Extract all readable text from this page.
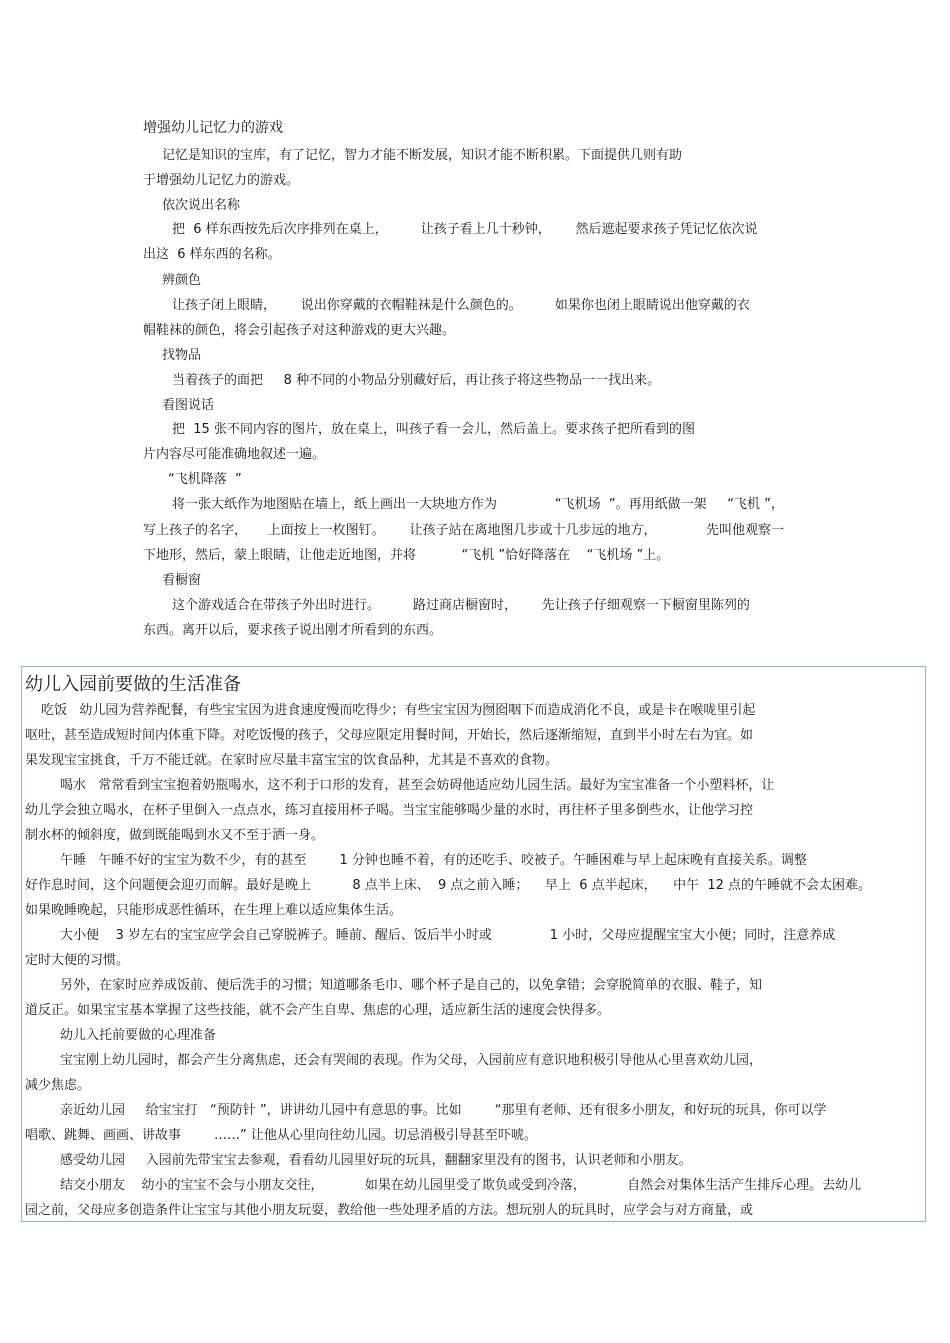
增强幼儿记忆力的游戏
记忆是知识的宝库，有了记忆，智力才能不断发展，知识才能不断积累。下面提供几则有助
于增强幼儿记忆力的游戏。
依次说出名称
把  6 样东西按先后次序排列在桌上，        让孩子看上几十秒钟，      然后遮起要求孩子凭记忆依次说
出这  6 样东西的名称。
辨颜色
让孩子闭上眼睛，      说出你穿戴的衣帽鞋袜是什么颜色的。        如果你也闭上眼睛说出他穿戴的衣
帽鞋袜的颜色，将会引起孩子对这种游戏的更大兴趣。
找物品
当着孩子的面把     8 种不同的小物品分别藏好后，再让孩子将这些物品一一找出来。
看图说话
把  15 张不同内容的图片，放在桌上，叫孩子看一会儿，然后盖上。要求孩子把所看到的图
片内容尽可能准确地叙述一遍。
“飞机降落  ”
将一张大纸作为地图贴在墙上，纸上画出一大块地方作为              “飞机场  ”。再用纸做一架     “飞机 ”，
写上孩子的名字，     上面按上一枚图钉。      让孩子站在离地图几步或十几步远的地方，            先叫他观察一
下地形，然后，蒙上眼睛，让他走近地图，并将           “飞机 ”恰好降落在    “飞机场 ”上。
看橱窗
这个游戏适合在带孩子外出时进行。        路过商店橱窗时，      先让孩子仔细观察一下橱窗里陈列的
东西。离开以后，要求孩子说出刚才所看到的东西。
幼儿入园前要做的生活准备
吃饭   幼儿园为营养配餐，有些宝宝因为进食速度慢而吃得少；有些宝宝因为囫囵咽下而造成消化不良，或是卡在喉咙里引起
呕吐，甚至造成短时间内体重下降。对吃饭慢的孩子，父母应限定用餐时间，开始长，然后逐渐缩短，直到半小时左右为宜。如
果发现宝宝挑食，千万不能迁就。在家时应尽量丰富宝宝的饮食品种，尤其是不喜欢的食物。
喝水   常常看到宝宝抱着奶瓶喝水，这不利于口形的发育，甚至会妨碍他适应幼儿园生活。最好为宝宝准备一个小塑料杯，让
幼儿学会独立喝水，在杯子里倒入一点点水，练习直接用杯子喝。当宝宝能够喝少量的水时，再往杯子里多倒些水，让他学习控
制水杯的倾斜度，做到既能喝到水又不至于洒一身。
午睡   午睡不好的宝宝为数不少，有的甚至        1 分钟也睡不着，有的还吃手、咬被子。午睡困难与早上起床晚有直接关系。调整
好作息时间，这个问题便会迎刃而解。最好是晚上          8 点半上床、  9 点之前入睡；    早上  6 点半起床，    中午  12 点的午睡就不会太困难。
如果晚睡晚起，只能形成恶性循环，在生理上难以适应集体生活。
大小便    3 岁左右的宝宝应学会自己穿脱裤子。睡前、醒后、饭后半小时或              1 小时，父母应提醒宝宝大小便；同时，注意养成
定时大便的习惯。
另外，在家时应养成饭前、便后洗手的习惯；知道哪条毛巾、哪个杯子是自己的，以免拿错；会穿脱简单的衣服、鞋子，知
道反正。如果宝宝基本掌握了这些技能，就不会产生自卑、焦虑的心理，适应新生活的速度会快得多。
幼儿入托前要做的心理准备
宝宝刚上幼儿园时，都会产生分离焦虑，还会有哭闹的表现。作为父母，入园前应有意识地积极引导他从心里喜欢幼儿园，
减少焦虑。
亲近幼儿园     给宝宝打   “预防针 ”，讲讲幼儿园中有意思的事。比如        “那里有老师、还有很多小朋友，和好玩的玩具，你可以学
唱歌、跳舞、画画、讲故事        ……” 让他从心里向往幼儿园。切忌消极引导甚至吓唬。
感受幼儿园     入园前先带宝宝去参观，看看幼儿园里好玩的玩具，翻翻家里没有的图书，认识老师和小朋友。
结交小朋友    幼小的宝宝不会与小朋友交往，          如果在幼儿园里受了欺负或受到冷落，          自然会对集体生活产生排斥心理。去幼儿
园之前，父母应多创造条件让宝宝与其他小朋友玩耍，教给他一些处理矛盾的方法。想玩别人的玩具时，应学会与对方商量，或
